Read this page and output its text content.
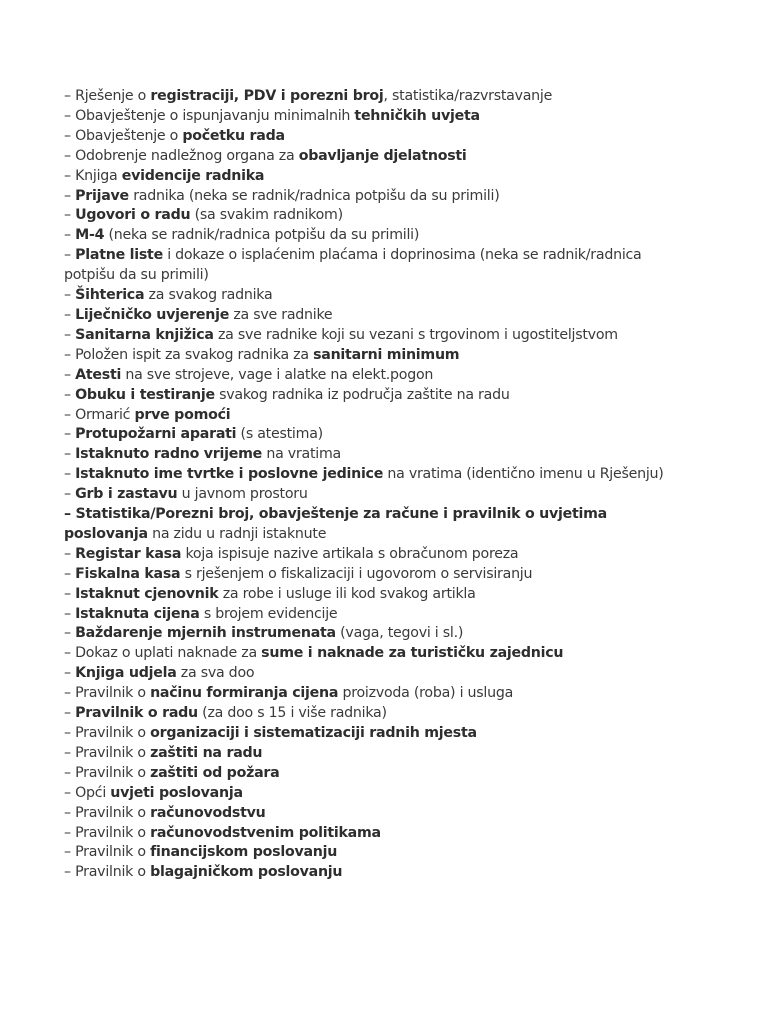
– Rješenje o registraciji, PDV i porezni broj, statistika/razvrstavanje
– Obavještenje o ispunjavanju minimalnih tehničkih uvjeta
– Obavještenje o početku rada
– Odobrenje nadležnog organa za obavljanje djelatnosti
– Knjiga evidencije radnika
– Prijave radnika (neka se radnik/radnica potpišu da su primili)
– Ugovori o radu (sa svakim radnikom)
– M-4 (neka se radnik/radnica potpišu da su primili)
– Platne liste i dokaze o isplaćenim plaćama i doprinosima (neka se radnik/radnica potpišu da su primili)
– Šihterica za svakog radnika
– Liječničko uvjerenje za sve radnike
– Sanitarna knjižica za sve radnike koji su vezani s trgovinom i ugostiteljstvom
– Položen ispit za svakog radnika za sanitarni minimum
– Atesti na sve strojeve, vage i alatke na elekt.pogon
– Obuku i testiranje svakog radnika iz područja zaštite na radu
– Ormarić prve pomoći
– Protupožarni aparati (s atestima)
– Istaknuto radno vrijeme na vratima
– Istaknuto ime tvrtke i poslovne jedinice na vratima (identično imenu u Rješenju)
– Grb i zastavu u javnom prostoru
– Statistika/Porezni broj, obavještenje za račune i pravilnik o uvjetima poslovanja na zidu u radnji istaknute
– Registar kasa koja ispisuje nazive artikala s obračunom poreza
– Fiskalna kasa s rješenjem o fiskalizaciji i ugovorom o servisiranju
– Istaknut cjenovnik za robe i usluge ili kod svakog artikla
– Istaknuta cijena s brojem evidencije
– Baždarenje mjernih instrumenata (vaga, tegovi i sl.)
– Dokaz o uplati naknade za sume i naknade za turističku zajednicu
– Knjiga udjela za sva doo
– Pravilnik o načinu formiranja cijena proizvoda (roba) i usluga
– Pravilnik o radu (za doo s 15 i više radnika)
– Pravilnik o organizaciji i sistematizaciji radnih mjesta
– Pravilnik o zaštiti na radu
– Pravilnik o zaštiti od požara
– Opći uvjeti poslovanja
– Pravilnik o računovodstvu
– Pravilnik o računovodstvenim politikama
– Pravilnik o financijskom poslovanju
– Pravilnik o blagajničkom poslovanju
